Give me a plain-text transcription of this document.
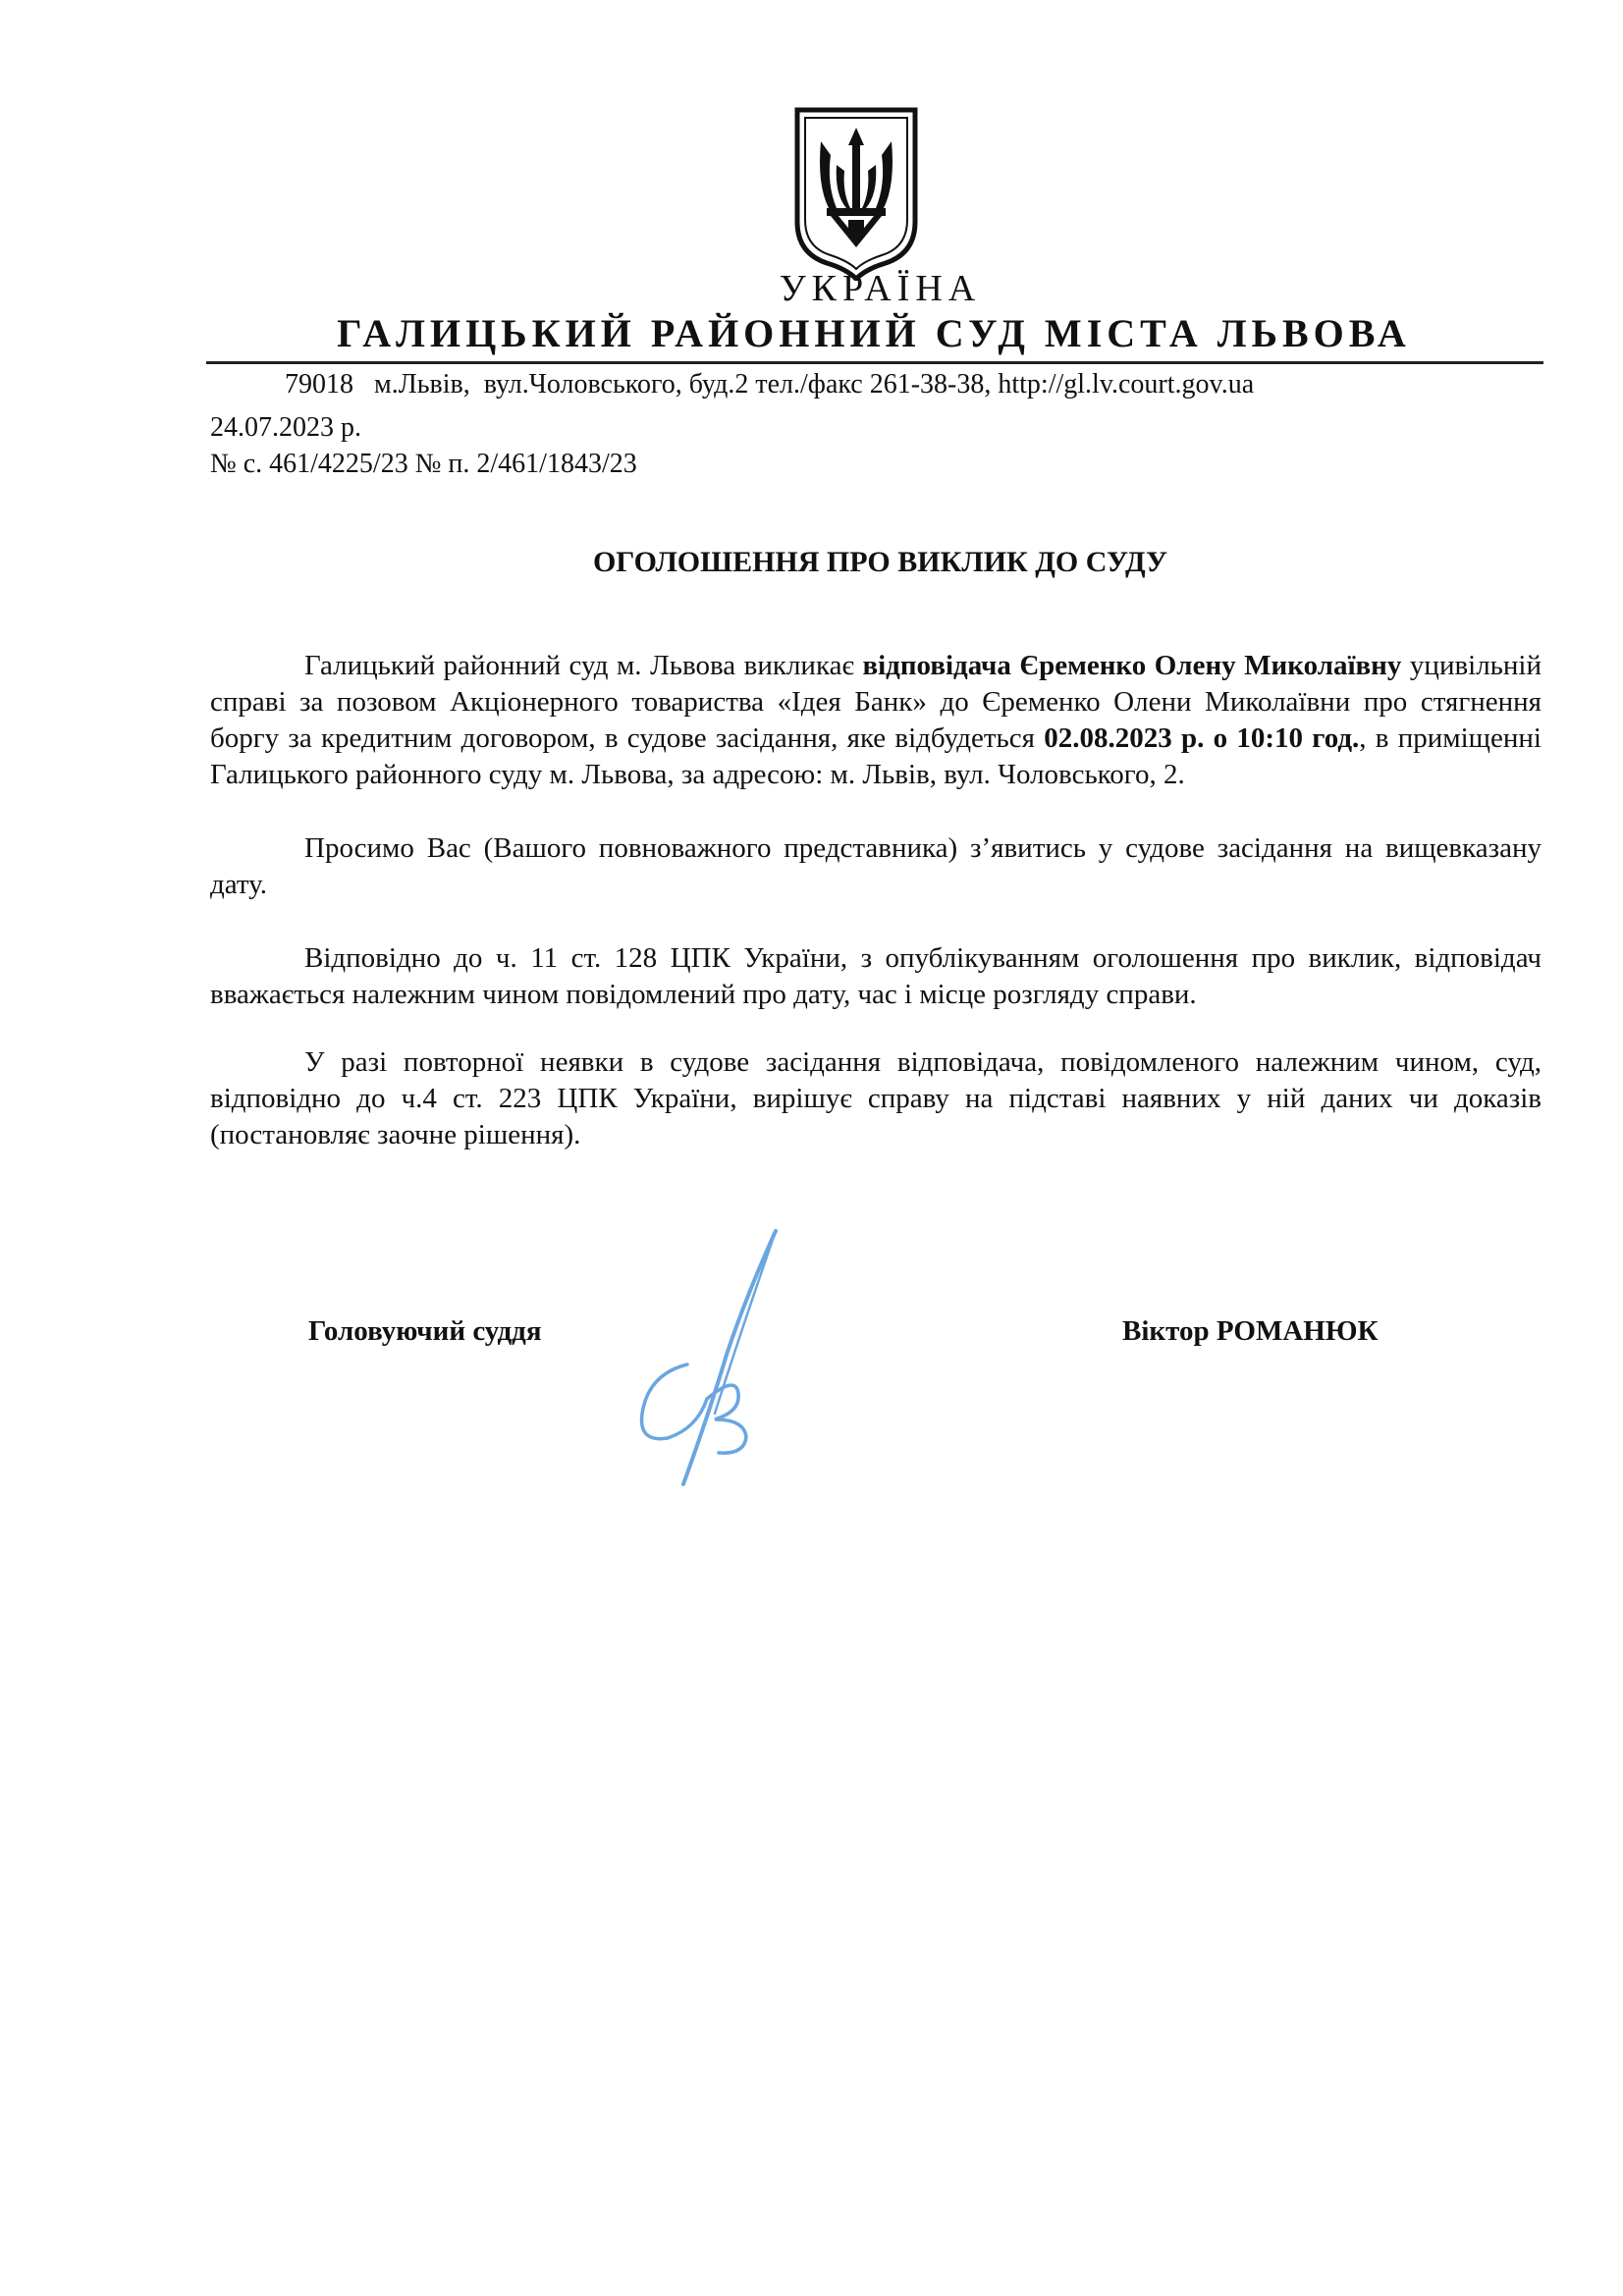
УКРАЇНА
ГАЛИЦЬКИЙ РАЙОННИЙ СУД МІСТА ЛЬВОВА
79018   м.Львів,  вул.Чоловського, буд.2 тел./факс 261-38-38, http://gl.lv.court.gov.ua
24.07.2023 р.
№ с. 461/4225/23 № п. 2/461/1843/23
ОГОЛОШЕННЯ ПРО ВИКЛИК ДО СУДУ
Галицький районний суд м. Львова викликає відповідача Єременко Олену Миколаївну уцивільній справі за позовом Акціонерного товариства «Ідея Банк» до Єременко Олени Миколаївни про стягнення боргу за кредитним договором, в судове засідання, яке відбудеться 02.08.2023 р. о 10:10 год., в приміщенні Галицького районного суду м. Львова, за адресою: м. Львів, вул. Чоловського, 2.
Просимо Вас (Вашого повноважного представника) з’явитись у судове засідання на вищевказану дату.
Відповідно до ч. 11 ст. 128 ЦПК України, з опублікуванням оголошення про виклик, відповідач вважається належним чином повідомлений про дату, час і місце розгляду справи.
У разі повторної неявки в судове засідання відповідача, повідомленого належним чином, суд, відповідно до ч.4 ст. 223 ЦПК України, вирішує справу на підставі наявних у ній даних чи доказів (постановляє заочне рішення).
Головуючий суддя	Віктор РОМАНЮК
